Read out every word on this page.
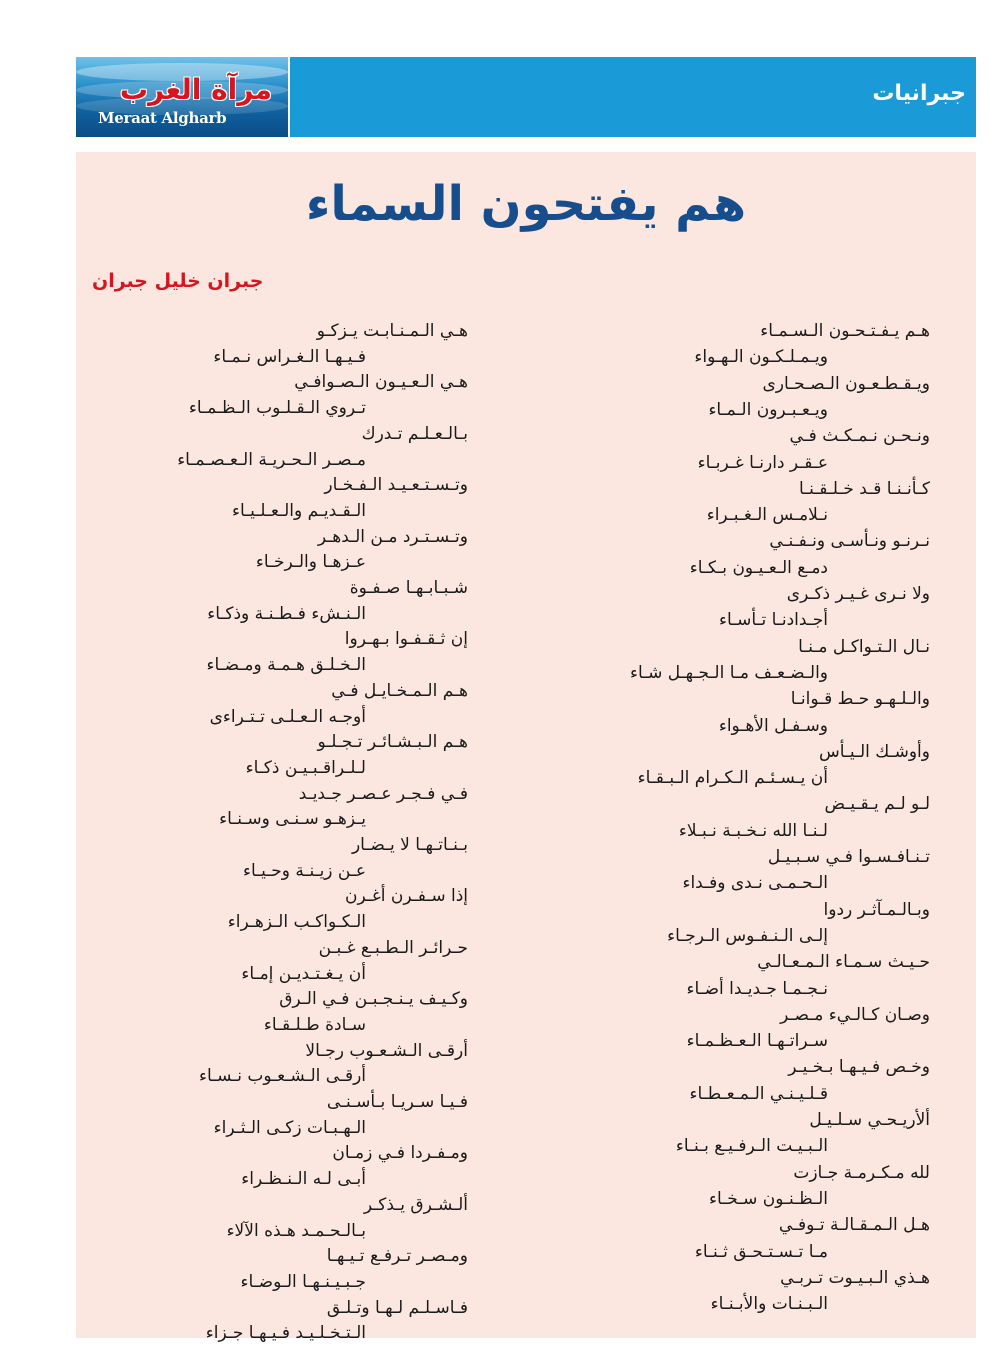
مرآة الغرب
Meraat Algharb
جبرانيات
هم يفتحون السماء
جبران خليل جبران
هـم يـفـتـحـون الـسـمـاء
ويـمـلـكـون الـهـواء
ويـقـطـعـون الـصـحـارى
ويـعـبـرون الـمـاء
ونـحـن نـمـكـث فـي
عـقـر دارنـا غـربـاء
كـأنـنـا قـد خـلـقـنـا
نـلامـس الـغـبـراء
نـرنـو ونـأسـى ونـفـنـي
دمـع الـعـيـون بـكـاء
ولا نـرى غـيـر ذكـرى
أجـدادنـا تـأسـاء
نـال الـتـواكـل مـنـا
والـضـعـف مـا الـجـهـل شـاء
والـلـهـو حـط قـوانـا
وسـفـل الأهـواء
وأوشـك الـيـأس
أن يـسـئـم الـكـرام الـبـقـاء
لـو لـم يـقـيـض
لـنـا الله نـخـبـة نـبـلاء
تـنـافـسـوا فـي سـبـيـل
الـحـمـى نـدى وفـداء
وبـالـمـآثـر ردوا
إلـى الـنـفـوس الـرجـاء
حـيـث سـمـاء الـمـعـالـي
نـجـمـا جـديـدا أضـاء
وصـان كـالـيء مـصـر
سـراتـهـا الـعـظـمـاء
وخـص فـيـهـا بـخـيـر
قـلـيـنـي الـمـعـطـاء
ألأريـحـي سـلـيـل
الـبـيـت الـرفـيـع بـنـاء
لله مـكـرمـة جـازت
الـظـنـون سـخـاء
هـل الـمـقـالـة تـوفـي
مـا تـسـتـحـق ثـنـاء
هـذي الـبـيـوت تـربـي
الـبـنـات والأبـنـاء
هـي الـمـنـابـت يـزكـو
فـيـهـا الـغـراس نـمـاء
هـي الـعـيـون الـصـوافـي
تـروي الـقـلـوب الـظـمـاء
بـالـعـلـم تـدرك
مـصـر الـحـريـة الـعـصـمـاء
وتـسـتـعـيـد الـفـخـار
الـقـديـم والـعـلـيـاء
وتـسـتـرد مـن الـدهـر
عـزهـا والـرخـاء
شـبـابـهـا صـفـوة
الـنـشء فـطـنـة وذكـاء
إن ثـقـفـوا بـهـروا
الـخـلـق هـمـة ومـضـاء
هـم الـمـخـايـل فـي
أوجـه الـعـلـى تـتـراءى
هـم الـبـشـائـر تـجـلـو
لـلـراقـبـيـن ذكـاء
فـي فـجـر عـصـر جـديـد
يـزهـو سـنـى وسـنـاء
بـنـاتـهـا لا يـضـار
عـن زيـنـة وحـيـاء
إذا سـفـرن أغـرن
الـكـواكـب الـزهـراء
حـرائـر الـطـبـع غـبـن
أن يـغـتـديـن إمـاء
وكـيـف يـنـجـبـن فـي الـرق
سـادة طـلـقـاء
أرقـى الـشـعـوب رجـالا
أرقـى الـشـعـوب نـسـاء
فـيـا سـريـا بـأسـنـى
الـهـبـات زكـى الـثـراء
ومـفـردا فـي زمـان
أبـى لـه الـنـظـراء
ألـشـرق يـذكـر
بـالـحـمـد هـذه الآلاء
ومـصـر تـرفـع تـيـهـا
جـبـيـنـهـا الـوضـاء
فـاسـلـم لـهـا وتـلـق
الـتـخـلـيـد فـيـهـا جـزاء
